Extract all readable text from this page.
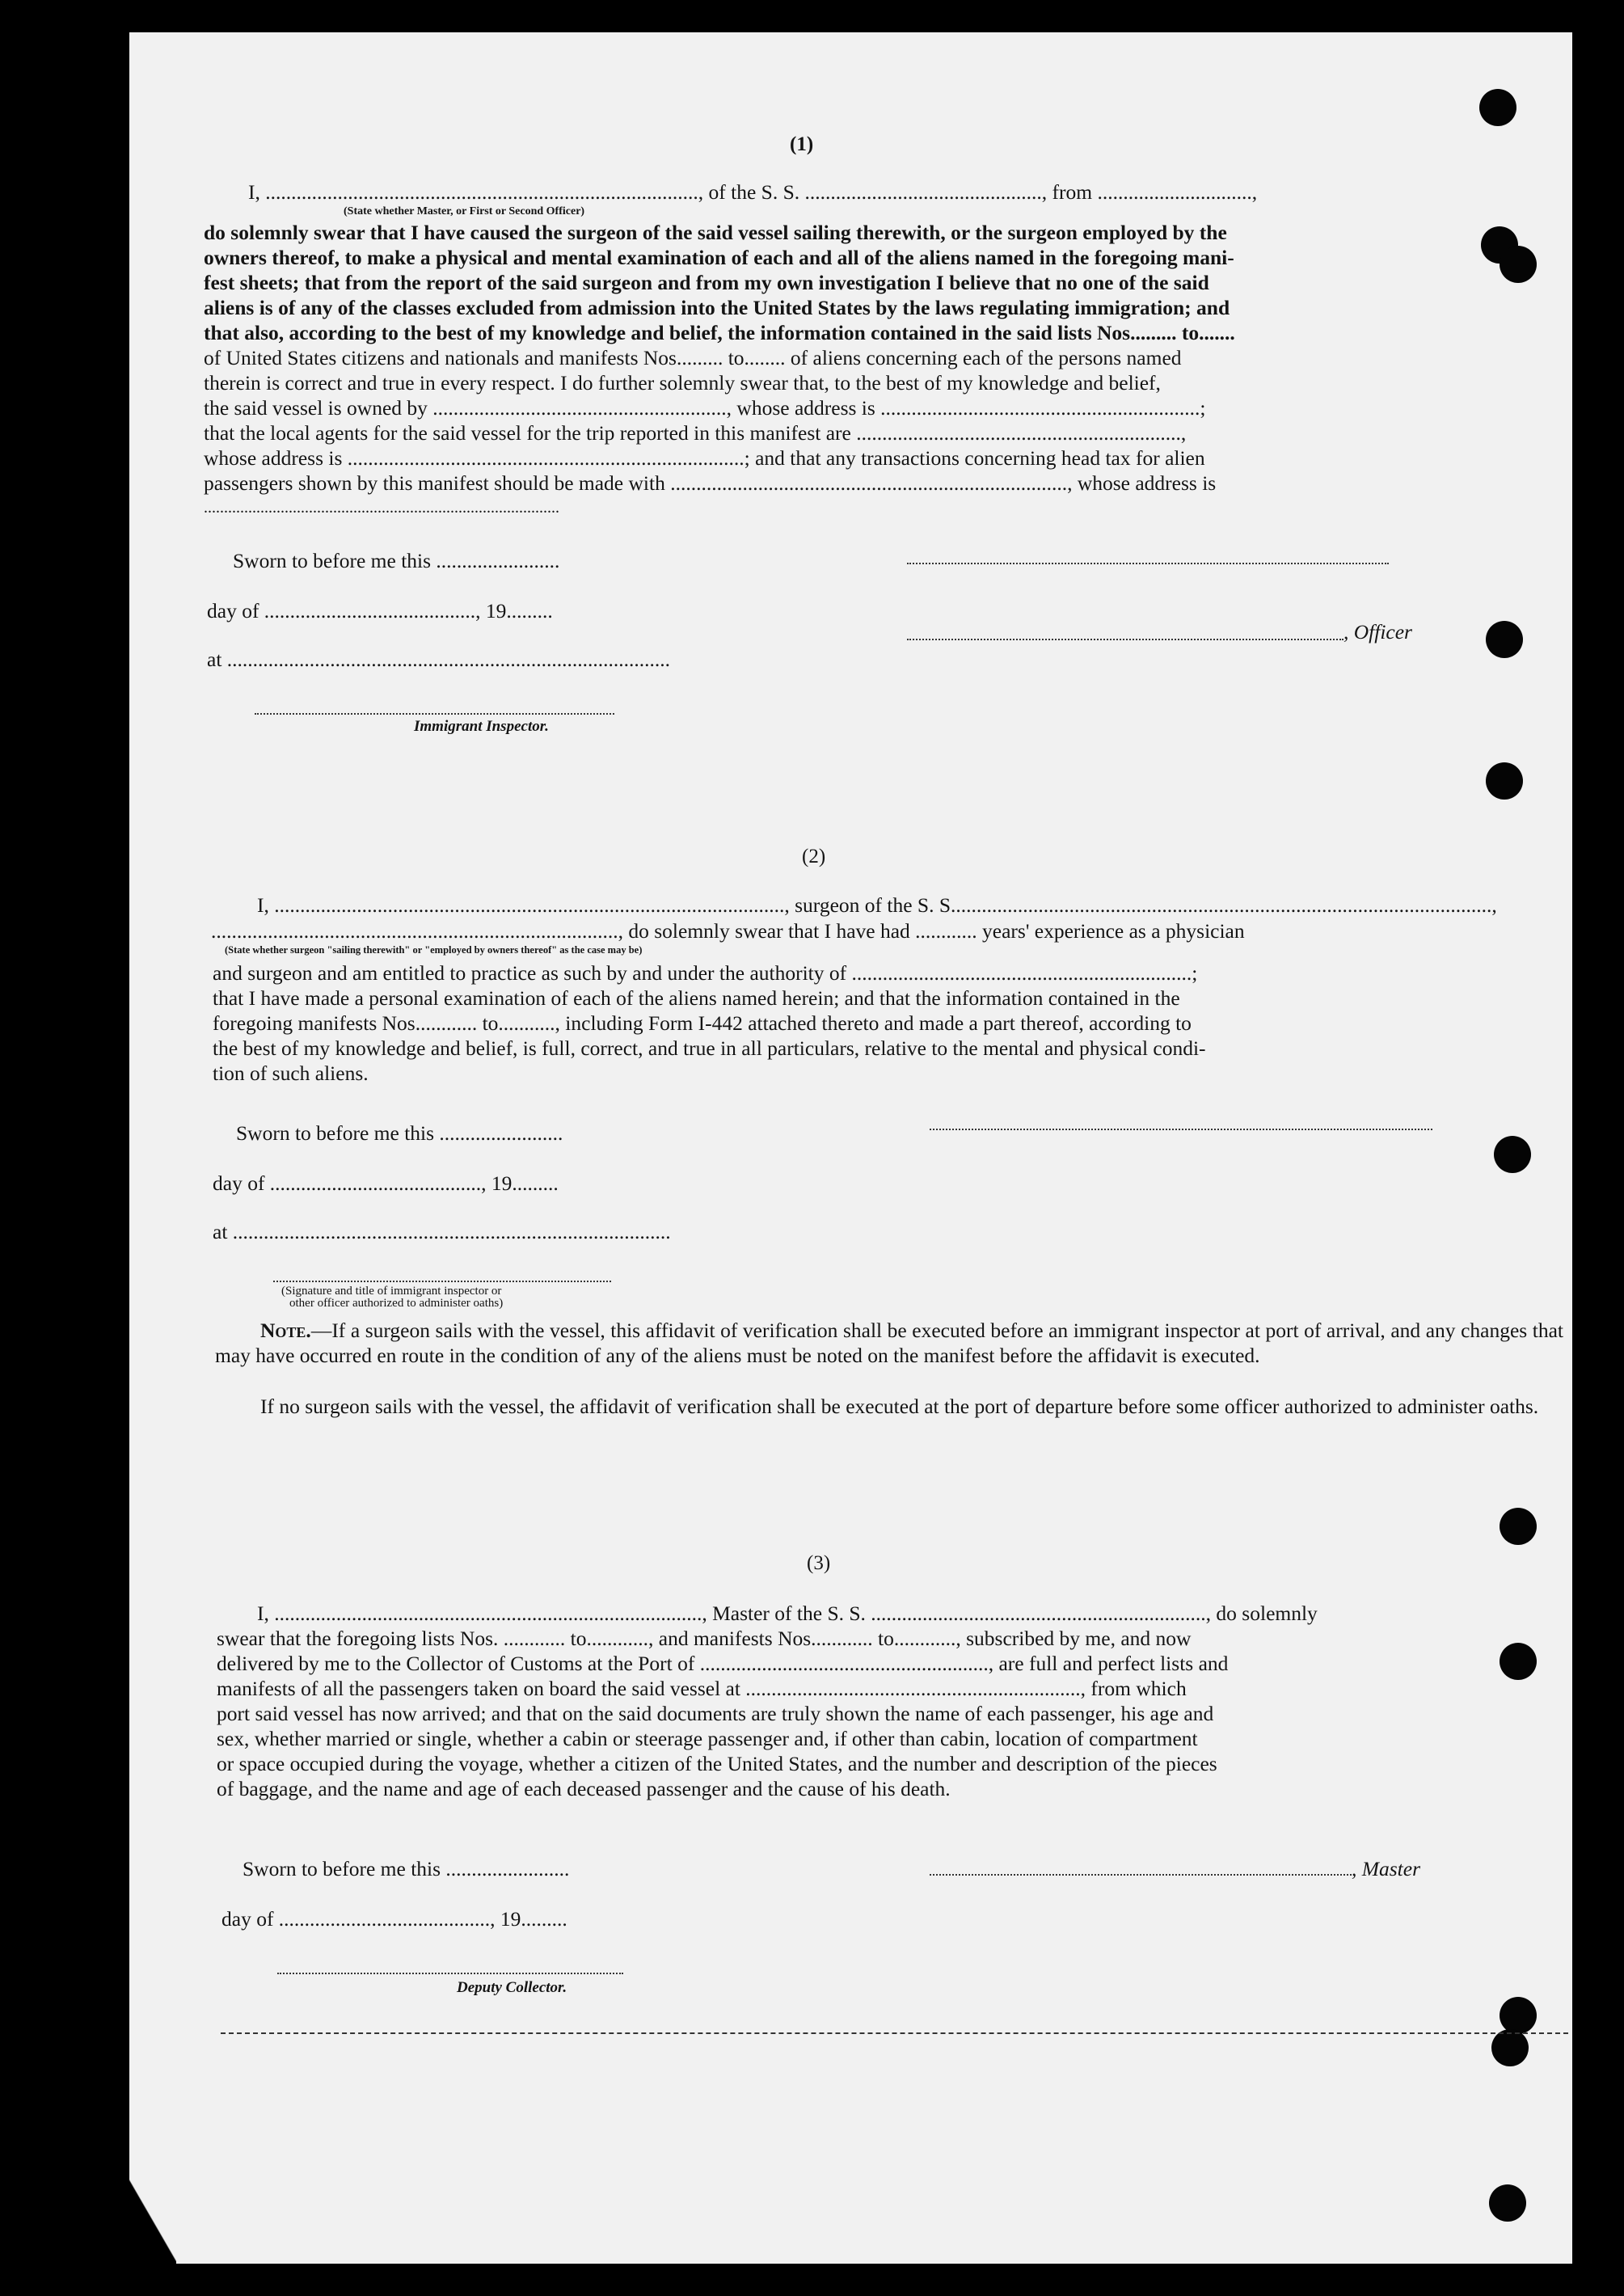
(1)
I, ...................................................................................., of the S. S. .............................................., from ..............................,
(State whether Master, or First or Second Officer)
do solemnly swear that I have caused the surgeon of the said vessel sailing therewith, or the surgeon employed by the
owners thereof, to make a physical and mental examination of each and all of the aliens named in the foregoing mani-
fest sheets; that from the report of the said surgeon and from my own investigation I believe that no one of the said
aliens is of any of the classes excluded from admission into the United States by the laws regulating immigration; and
that also, according to the best of my knowledge and belief, the information contained in the said lists Nos......... to.......
of United States citizens and nationals and manifests Nos......... to........ of aliens concerning each of the persons named
therein is correct and true in every respect. I do further solemnly swear that, to the best of my knowledge and belief,
the said vessel is owned by ........................................................., whose address is ..............................................................;
that the local agents for the said vessel for the trip reported in this manifest are ...............................................................,
whose address is .............................................................................; and that any transactions concerning head tax for alien
passengers shown by this manifest should be made with ............................................................................., whose address is
........................................................................................
Sworn to before me this ........................
day of ........................................., 19.........
, Officer
at ......................................................................................
Immigrant Inspector.
(2)
I, ..................................................................................................., surgeon of the S. S.........................................................................................................,
..............................................................................., do solemnly swear that I have had ............ years' experience as a physician
(State whether surgeon "sailing therewith" or "employed by owners thereof" as the case may be)
and surgeon and am entitled to practice as such by and under the authority of ..................................................................;
that I have made a personal examination of each of the aliens named herein; and that the information contained in the
foregoing manifests Nos............ to..........., including Form I-442 attached thereto and made a part thereof, according to
the best of my knowledge and belief, is full, correct, and true in all particulars, relative to the mental and physical condi-
tion of such aliens.
Sworn to before me this ........................
day of ........................................., 19.........
at .....................................................................................
(Signature and title of immigrant inspector or
other officer authorized to administer oaths)

Note.—If a surgeon sails with the vessel, this affidavit of verification shall be executed before an immigrant inspector at port of arrival, and any changes that may have occurred en route in the condition of any of the aliens must be noted on the manifest before the affidavit is executed.

If no surgeon sails with the vessel, the affidavit of verification shall be executed at the port of departure before some officer authorized to administer oaths.

(3)
I, ..................................................................................., Master of the S. S. ................................................................., do solemnly
swear that the foregoing lists Nos. ............ to............, and manifests Nos............ to............, subscribed by me, and now
delivered by me to the Collector of Customs at the Port of ........................................................, are full and perfect lists and
manifests of all the passengers taken on board the said vessel at ................................................................., from which
port said vessel has now arrived; and that on the said documents are truly shown the name of each passenger, his age and
sex, whether married or single, whether a cabin or steerage passenger and, if other than cabin, location of compartment
or space occupied during the voyage, whether a citizen of the United States, and the number and description of the pieces
of baggage, and the name and age of each deceased passenger and the cause of his death.
Sworn to before me this ........................	, Master
day of ........................................., 19.........
Deputy Collector.
